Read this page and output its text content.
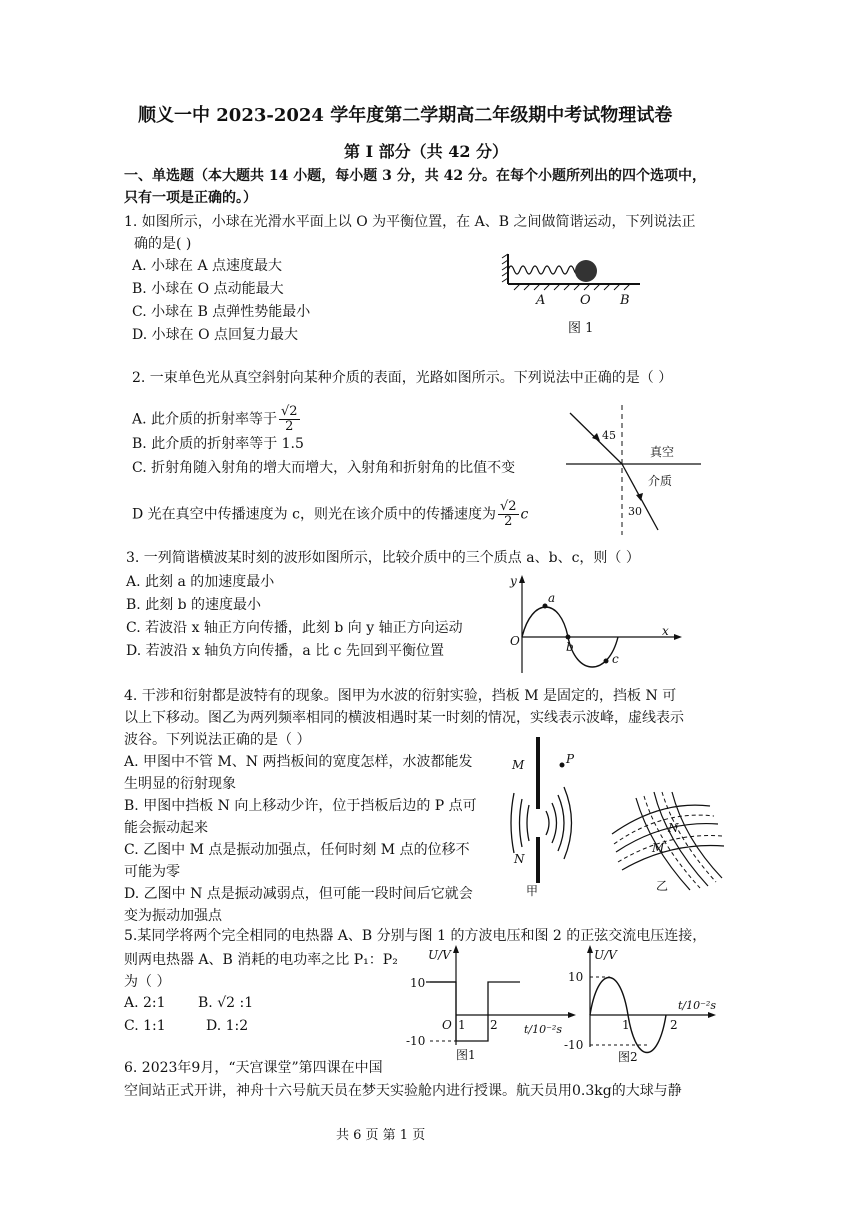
顺义一中 2023-2024 学年度第二学期高二年级期中考试物理试卷
第 I 部分（共 42 分）
一、单选题（本大题共 14 小题，每小题 3 分，共 42 分。在每个小题所列出的四个选项中，
只有一项是正确的。）
1. 如图所示，小球在光滑水平面上以 O 为平衡位置，在 A、B 之间做简谐运动，下列说法正
确的是( )
A. 小球在 A 点速度最大
B. 小球在 O 点动能最大
C. 小球在 B 点弹性势能最小
D. 小球在 O 点回复力最大
A	O B
图 1
2. 一束单色光从真空斜射向某种介质的表面，光路如图所示。下列说法中正确的是（ ）
A. 此介质的折射率等于 $\frac{√2}{2}$
B. 此介质的折射率等于 1.5
C. 折射角随入射角的增大而增大，入射角和折射角的比值不变
D 光在真空中传播速度为 c，则光在该介质中的传播速度为 $\frac{√2}{2}$ c
45
30
真空
介质
3. 一列简谐横波某时刻的波形如图所示，比较介质中的三个质点 a、b、c，则（ ）
A. 此刻 a 的加速度最小
B. 此刻 b 的速度最小
C. 若波沿 x 轴正方向传播，此刻 b 向 y 轴正方向运动
D. 若波沿 x 轴负方向传播，a 比 c 先回到平衡位置
y
x
O
a
b
c
4. 干涉和衍射都是波特有的现象。图甲为水波的衍射实验，挡板 M 是固定的，挡板 N 可
以上下移动。图乙为两列频率相同的横波相遇时某一时刻的情况，实线表示波峰，虚线表示
波谷。下列说法正确的是（ ）
A. 甲图中不管 M、N 两挡板间的宽度怎样，水波都能发
生明显的衍射现象
B. 甲图中挡板 N 向上移动少许，位于挡板后边的 P 点可
能会振动起来
C. 乙图中 M 点是振动加强点，任何时刻 M 点的位移不
可能为零
D. 乙图中 N 点是振动减弱点，但可能一段时间后它就会
变为振动加强点
M	P
N
甲
N
M
乙
5.某同学将两个完全相同的电热器 A、B 分别与图 1 的方波电压和图 2 的正弦交流电压连接，
则两电热器 A、B 消耗的电功率之比 P₁：P₂
为（ ）
A. 2:1 B. √2 :1
C. 1:1	D. 1:2
U/V
10
-10
O 1 2 t/10⁻²s
图1
U/V
10
-10
1	2
t/10⁻²s
图2
6. 2023年9月，“天宫课堂”第四课在中国
空间站正式开讲，神舟十六号航天员在梦天实验舱内进行授课。航天员用0.3kg的大球与静
共 6 页 第 1 页
